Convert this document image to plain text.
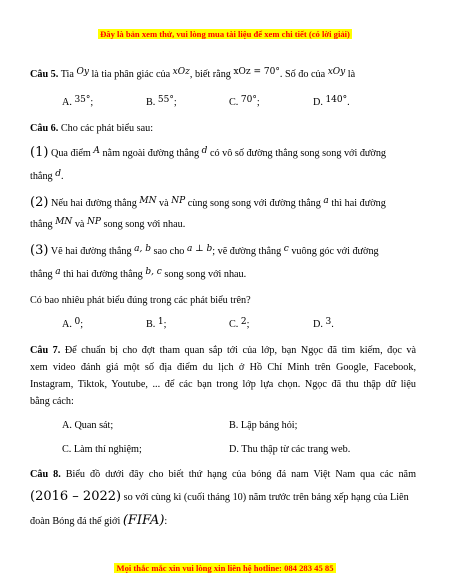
Đây là bản xem thử, vui lòng mua tài liệu để xem chi tiết (có lời giải)
Câu 5. Tia Oy là tia phân giác của xOz, biết rằng xOz = 70°. Số đo của xOy là
A. 35°;	B. 55°;	C. 70°;	D. 140°.
Câu 6. Cho các phát biểu sau:
(1) Qua điểm A nằm ngoài đường thẳng d có vô số đường thẳng song song với đường
thẳng d.
(2) Nếu hai đường thẳng MN và NP cùng song song với đường thẳng a thì hai đường
thẳng MN và NP song song với nhau.
(3) Vẽ hai đường thẳng a, b sao cho a ⊥ b; vẽ đường thẳng c vuông góc với đường
thẳng a thì hai đường thẳng b, c song song với nhau.
Có bao nhiêu phát biểu đúng trong các phát biểu trên?
A. 0;	B. 1;	C. 2;	D. 3.
Câu 7. Để chuẩn bị cho đợt tham quan sắp tới của lớp, bạn Ngọc đã tìm kiếm, đọc và
xem video đánh giá một số địa điểm du lịch ở Hồ Chí Minh trên Google, Facebook,
Instagram, Tiktok, Youtube, ... để các bạn trong lớp lựa chọn. Ngọc đã thu thập dữ liệu
bằng cách:
A. Quan sát;	B. Lập bảng hỏi;
C. Làm thí nghiệm;	D. Thu thập từ các trang web.
Câu 8. Biểu đồ dưới đây cho biết thứ hạng của bóng đá nam Việt Nam qua các năm
(2016 – 2022) so với cùng kì (cuối tháng 10) năm trước trên bảng xếp hạng của Liên
đoàn Bóng đá thế giới (FIFA):
Mọi thắc mắc xin vui lòng xin liên hệ hotline: 084 283 45 85
